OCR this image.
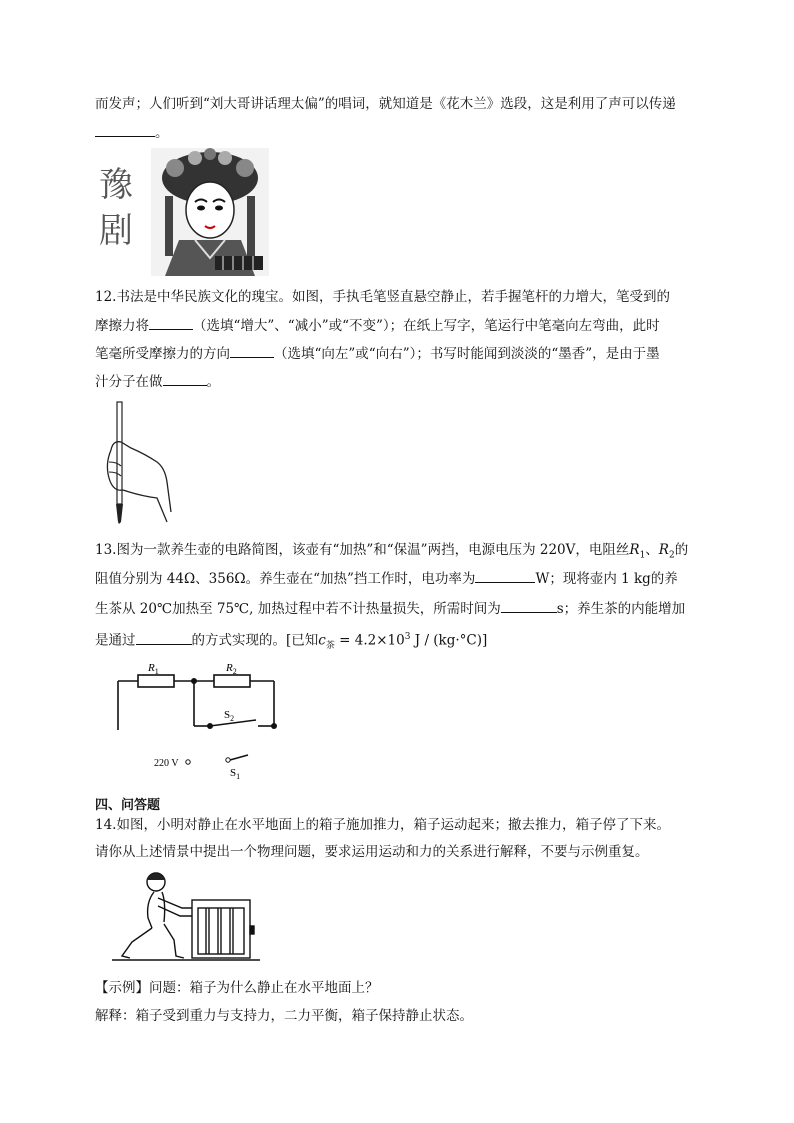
而发声；人们听到“刘大哥讲话理太偏”的唱词，就知道是《花木兰》选段，这是利用了声可以传递
。
豫
剧
12.书法是中华民族文化的瑰宝。如图，手执毛笔竖直悬空静止，若手握笔杆的力增大，笔受到的
摩擦力将	（选填“增大”、“减小”或“不变”）；在纸上写字，笔运行中笔毫向左弯曲，此时
笔毫所受摩擦力的方向	（选填“向左”或“向右”）；书写时能闻到淡淡的“墨香”，是由于墨
汁分子在做	。
13.图为一款养生壶的电路简图，该壶有“加热”和“保温”两挡，电源电压为 220V，电阻丝$R_1$、$R_2$的
阻值分别为 44Ω、356Ω。养生壶在“加热”挡工作时，电功率为	W；现将壶内 1 kg的养
生茶从 20℃加热至 75℃, 加热过程中若不计热量损失，所需时间为	s；养生茶的内能增加
是通过	的方式实现的。[已知$c_茶 = 4.2\times 10^3$ J / (kg·°C)]
$R_1$	$R_2$
$S_2$
$S_1$
220 V
四、问答题
14.如图，小明对静止在水平地面上的箱子施加推力，箱子运动起来；撤去推力，箱子停了下来。
请你从上述情景中提出一个物理问题，要求运用运动和力的关系进行解释，不要与示例重复。
【示例】问题：箱子为什么静止在水平地面上？
解释：箱子受到重力与支持力，二力平衡，箱子保持静止状态。
